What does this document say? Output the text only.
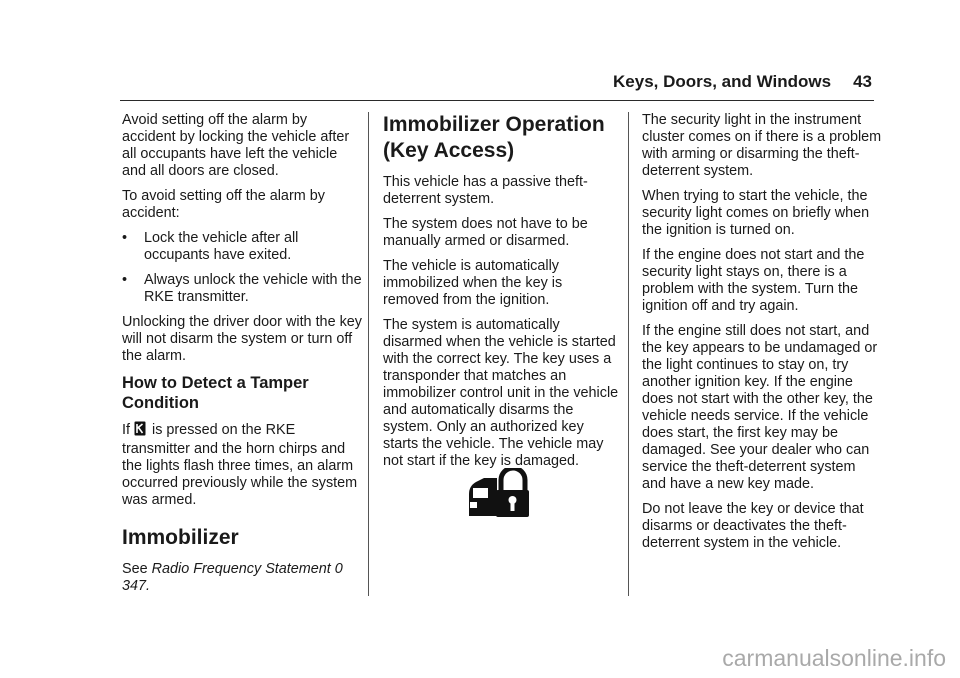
Keys, Doors, and Windows 43

Avoid setting off the alarm by accident by locking the vehicle after all occupants have left the vehicle and all doors are closed.

To avoid setting off the alarm by accident:

•	Lock the vehicle after all occupants have exited.
•	Always unlock the vehicle with the RKE transmitter.

Unlocking the driver door with the key will not disarm the system or turn off the alarm.

How to Detect a Tamper Condition

If is pressed on the RKE transmitter and the horn chirps and the lights flash three times, an alarm occurred previously while the system was armed.

Immobilizer

See Radio Frequency Statement 0 347.

Immobilizer Operation (Key Access)

This vehicle has a passive theft-deterrent system.

The system does not have to be manually armed or disarmed.

The vehicle is automatically immobilized when the key is removed from the ignition.

The system is automatically disarmed when the vehicle is started with the correct key. The key uses a transponder that matches an immobilizer control unit in the vehicle and automatically disarms the system. Only an authorized key starts the vehicle. The vehicle may not start if the key is damaged.

The security light in the instrument cluster comes on if there is a problem with arming or disarming the theft-deterrent system.

When trying to start the vehicle, the security light comes on briefly when the ignition is turned on.

If the engine does not start and the security light stays on, there is a problem with the system. Turn the ignition off and try again.

If the engine still does not start, and the key appears to be undamaged or the light continues to stay on, try another ignition key. If the engine does not start with the other key, the vehicle needs service. If the vehicle does start, the first key may be damaged. See your dealer who can service the theft-deterrent system and have a new key made.

Do not leave the key or device that disarms or deactivates the theft-deterrent system in the vehicle.

carmanualsonline.info
